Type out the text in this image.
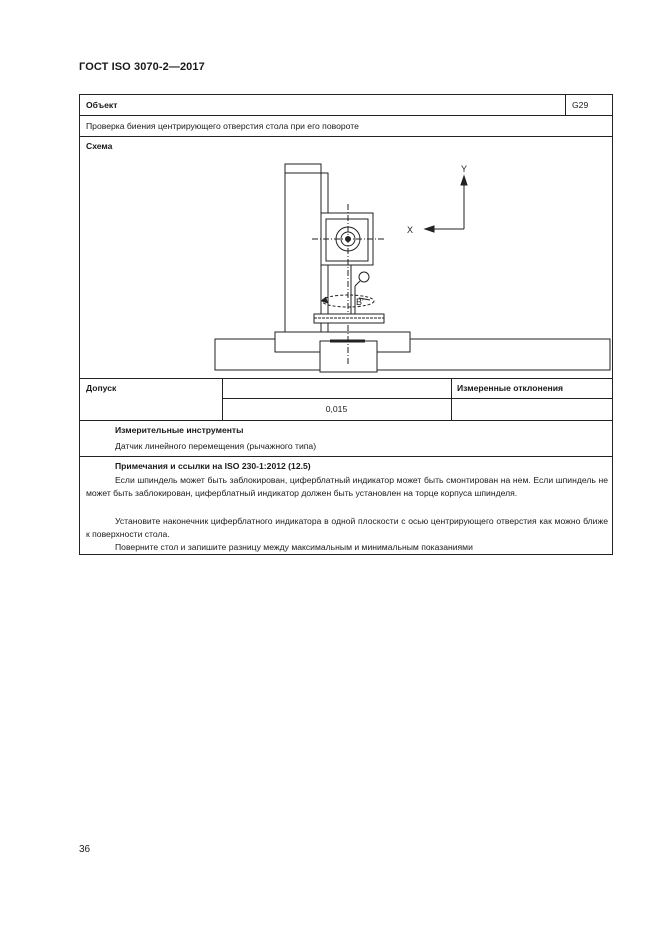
ГОСТ ISO 3070-2—2017
Объект	G29
Проверка биения центрирующего отверстия стола при его повороте
Схема
Y
X
B'
Допуск	Измеренные отклонения
0,015
Измерительные инструменты
Датчик линейного перемещения (рычажного типа)
Примечания и ссылки на ISO 230-1:2012 (12.5)
Если шпиндель может быть заблокирован, циферблатный индикатор может быть смонтирован на нем. Если шпиндель не может быть заблокирован, циферблатный индикатор должен быть установлен на торце корпуса шпинделя.
Установите наконечник циферблатного индикатора в одной плоскости с осью центрирующего отверстия как можно ближе к поверхности стола.
Поверните стол и запишите разницу между максимальным и минимальным показаниями
36
